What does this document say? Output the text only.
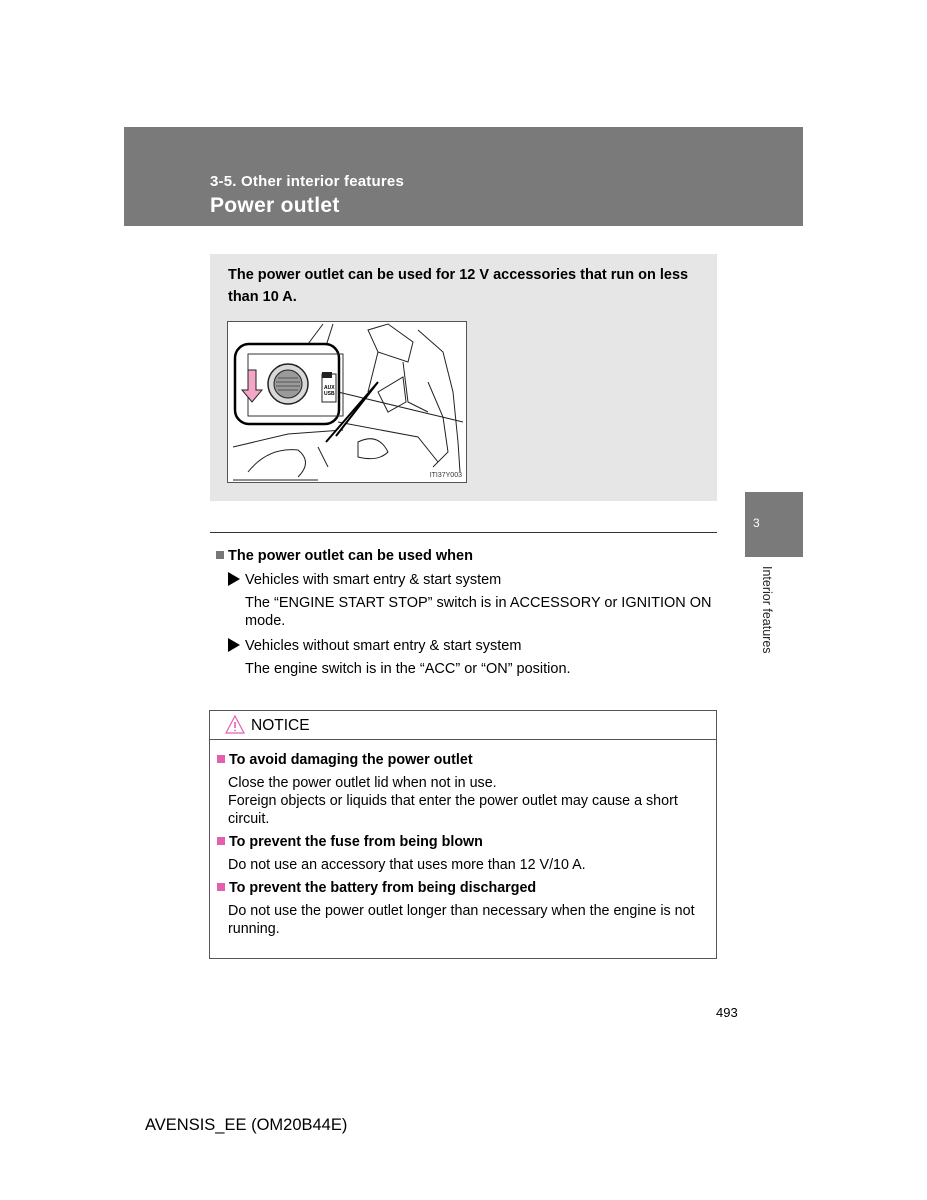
3-5. Other interior features
Power outlet
The power outlet can be used for 12 V accessories that run on less than 10 A.
AUX
USB
ITI37Y003
3
Interior features
The power outlet can be used when
Vehicles with smart entry & start system
The “ENGINE START STOP” switch is in ACCESSORY or IGNITION ON mode.
Vehicles without smart entry & start system
The engine switch is in the “ACC” or “ON” position.
NOTICE
To avoid damaging the power outlet
Close the power outlet lid when not in use.
Foreign objects or liquids that enter the power outlet may cause a short circuit.
To prevent the fuse from being blown
Do not use an accessory that uses more than 12 V/10 A.
To prevent the battery from being discharged
Do not use the power outlet longer than necessary when the engine is not running.
493
AVENSIS_EE (OM20B44E)
